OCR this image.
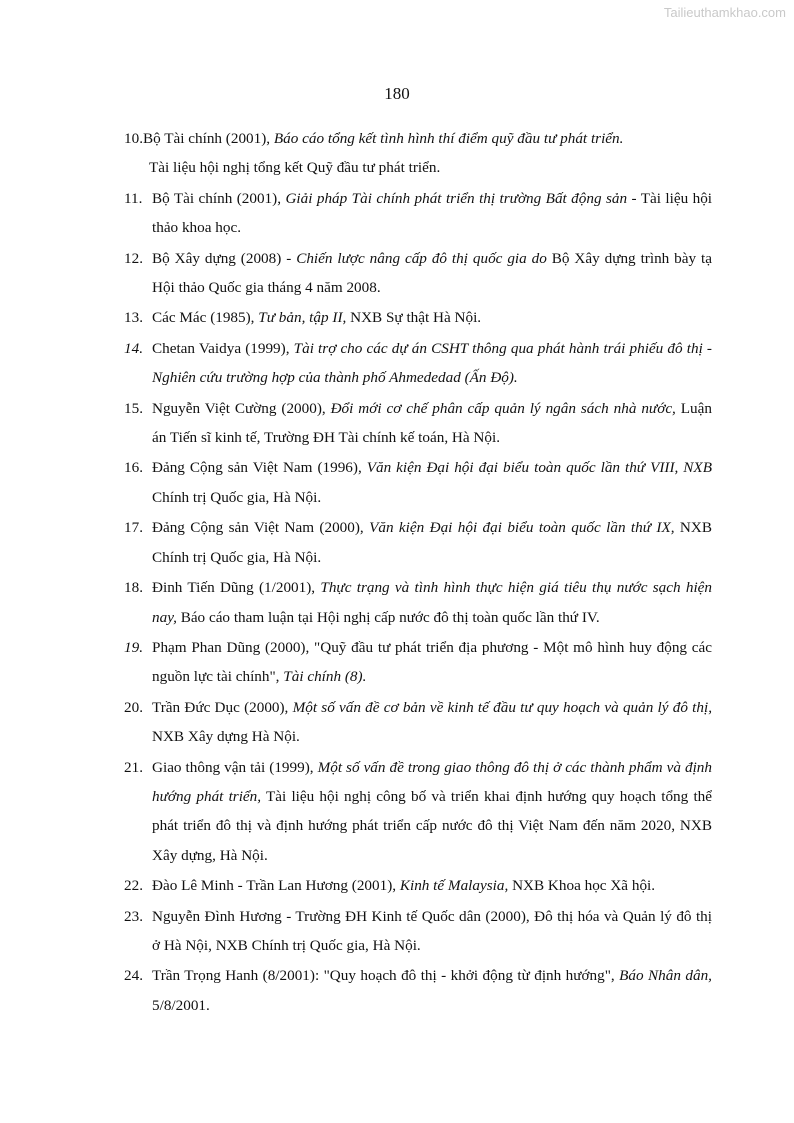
Tailieuthamkhao.com
180
10.Bộ Tài chính (2001), Báo cáo tổng kết tình hình thí điểm quỹ đầu tư phát triển.
Tài liệu hội nghị tổng kết Quỹ đầu tư phát triển.
11. Bộ Tài chính (2001), Giải pháp Tài chính phát triển thị trường Bất động sản - Tài liệu hội thảo khoa học.
12. Bộ Xây dựng (2008) - Chiến lược nâng cấp đô thị quốc gia do Bộ Xây dựng trình bày tạ Hội thảo Quốc gia tháng 4 năm 2008.
13. Các Mác (1985), Tư bản, tập II, NXB Sự thật Hà Nội.
14. Chetan Vaidya (1999), Tài trợ cho các dự án CSHT thông qua phát hành trái phiếu đô thị - Nghiên cứu trường hợp của thành phố Ahmededad (Ấn Độ).
15. Nguyễn Việt Cường (2000), Đổi mới cơ chế phân cấp quản lý ngân sách nhà nước, Luận án Tiến sĩ kinh tế, Trường ĐH Tài chính kế toán, Hà Nội.
16. Đảng Cộng sản Việt Nam (1996), Văn kiện Đại hội đại biểu toàn quốc lần thứ VIII, NXB Chính trị Quốc gia, Hà Nội.
17. Đảng Cộng sản Việt Nam (2000), Văn kiện Đại hội đại biểu toàn quốc lần thứ IX, NXB Chính trị Quốc gia, Hà Nội.
18. Đinh Tiến Dũng (1/2001), Thực trạng và tình hình thực hiện giá tiêu thụ nước sạch hiện nay, Báo cáo tham luận tại Hội nghị cấp nước đô thị toàn quốc lần thứ IV.
19. Phạm Phan Dũng (2000), "Quỹ đầu tư phát triển địa phương - Một mô hình huy động các nguồn lực tài chính", Tài chính (8).
20. Trần Đức Dục (2000), Một số vấn đề cơ bản về kinh tế đầu tư quy hoạch và quản lý đô thị, NXB Xây dựng Hà Nội.
21. Giao thông vận tải (1999), Một số vấn đề trong giao thông đô thị ở các thành phẩm và định hướng phát triển, Tài liệu hội nghị công bố và triển khai định hướng quy hoạch tổng thể phát triển đô thị và định hướng phát triển cấp nước đô thị Việt Nam đến năm 2020, NXB Xây dựng, Hà Nội.
22. Đào Lê Minh - Trần Lan Hương (2001), Kinh tế Malaysia, NXB Khoa học Xã hội.
23. Nguyễn Đình Hương - Trường ĐH Kinh tế Quốc dân (2000), Đô thị hóa và Quản lý đô thị ở Hà Nội, NXB Chính trị Quốc gia, Hà Nội.
24. Trần Trọng Hanh (8/2001): "Quy hoạch đô thị - khởi động từ định hướng", Báo Nhân dân, 5/8/2001.
